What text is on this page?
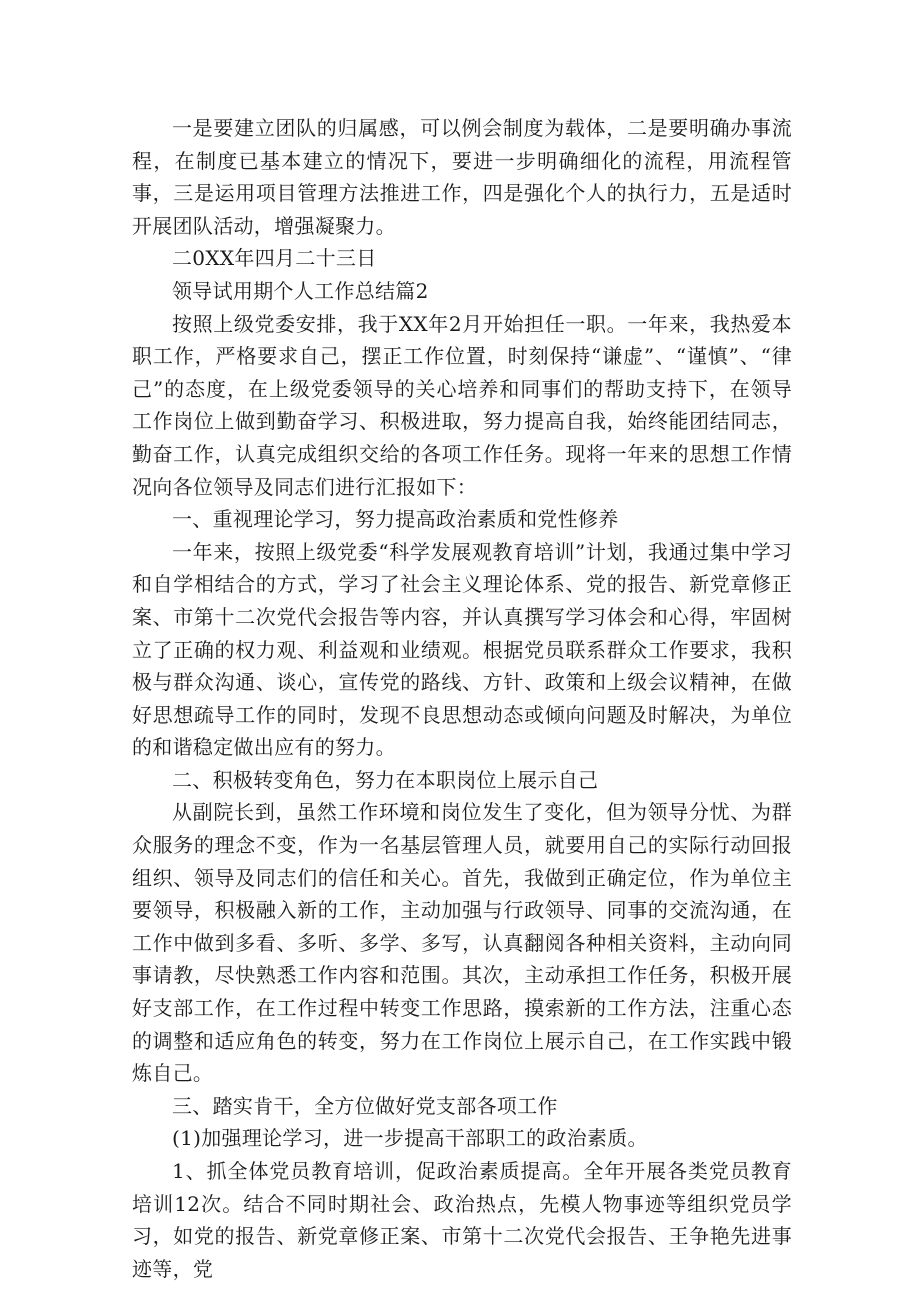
一是要建立团队的归属感，可以例会制度为载体，二是要明确办事流程，在制度已基本建立的情况下，要进一步明确细化的流程，用流程管事，三是运用项目管理方法推进工作，四是强化个人的执行力，五是适时开展团队活动，增强凝聚力。

二0XX年四月二十三日

领导试用期个人工作总结篇2

按照上级党委安排，我于XX年2月开始担任一职。一年来，我热爱本职工作，严格要求自己，摆正工作位置，时刻保持“谦虚”、“谨慎”、“律己”的态度，在上级党委领导的关心培养和同事们的帮助支持下，在领导工作岗位上做到勤奋学习、积极进取，努力提高自我，始终能团结同志，勤奋工作，认真完成组织交给的各项工作任务。现将一年来的思想工作情况向各位领导及同志们进行汇报如下：

一、重视理论学习，努力提高政治素质和党性修养

一年来，按照上级党委“科学发展观教育培训”计划，我通过集中学习和自学相结合的方式，学习了社会主义理论体系、党的报告、新党章修正案、市第十二次党代会报告等内容，并认真撰写学习体会和心得，牢固树立了正确的权力观、利益观和业绩观。根据党员联系群众工作要求，我积极与群众沟通、谈心，宣传党的路线、方针、政策和上级会议精神，在做好思想疏导工作的同时，发现不良思想动态或倾向问题及时解决，为单位的和谐稳定做出应有的努力。

二、积极转变角色，努力在本职岗位上展示自己

从副院长到，虽然工作环境和岗位发生了变化，但为领导分忧、为群众服务的理念不变，作为一名基层管理人员，就要用自己的实际行动回报组织、领导及同志们的信任和关心。首先，我做到正确定位，作为单位主要领导，积极融入新的工作，主动加强与行政领导、同事的交流沟通，在工作中做到多看、多听、多学、多写，认真翻阅各种相关资料，主动向同事请教，尽快熟悉工作内容和范围。其次，主动承担工作任务，积极开展好支部工作，在工作过程中转变工作思路，摸索新的工作方法，注重心态的调整和适应角色的转变，努力在工作岗位上展示自己，在工作实践中锻炼自己。

三、踏实肯干，全方位做好党支部各项工作

(1)加强理论学习，进一步提高干部职工的政治素质。

1、抓全体党员教育培训，促政治素质提高。全年开展各类党员教育培训12次。结合不同时期社会、政治热点，先模人物事迹等组织党员学习，如党的报告、新党章修正案、市第十二次党代会报告、王争艳先进事迹等，党
